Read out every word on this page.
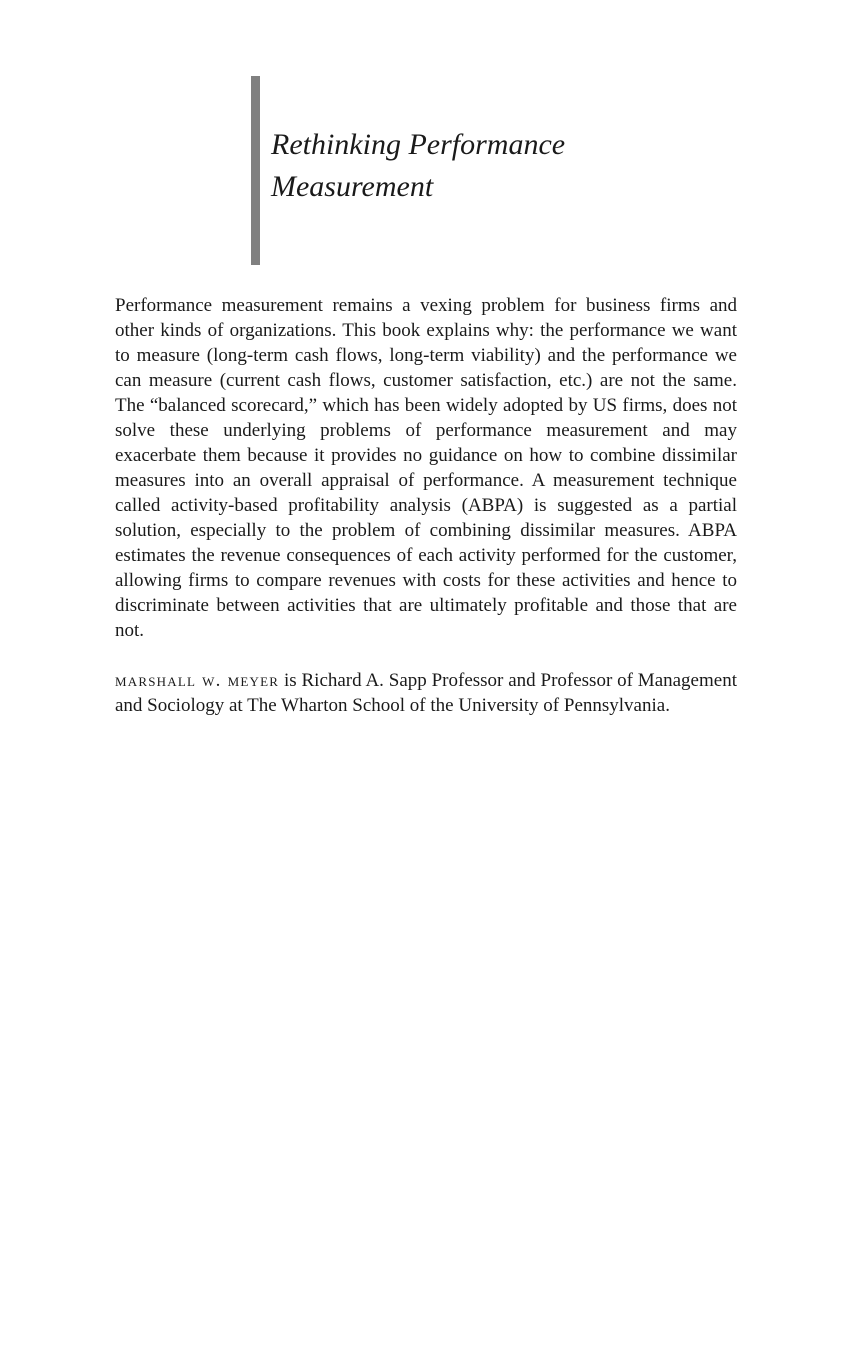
Rethinking Performance
Measurement

Performance measurement remains a vexing problem for business firms and other kinds of organizations. This book explains why: the performance we want to measure (long-term cash flows, long-term viability) and the performance we can measure (current cash flows, customer satisfaction, etc.) are not the same. The “balanced scorecard,” which has been widely adopted by US firms, does not solve these underlying problems of performance measurement and may exacerbate them because it provides no guidance on how to combine dissimilar measures into an overall appraisal of performance. A measurement technique called activity-based profitability analysis (ABPA) is suggested as a partial solution, especially to the problem of combining dissimilar measures. ABPA estimates the revenue consequences of each activity performed for the customer, allowing firms to compare revenues with costs for these activities and hence to discriminate between activities that are ultimately profitable and those that are not.

marshall w. meyer is Richard A. Sapp Professor and Professor of Management and Sociology at The Wharton School of the University of Pennsylvania.
